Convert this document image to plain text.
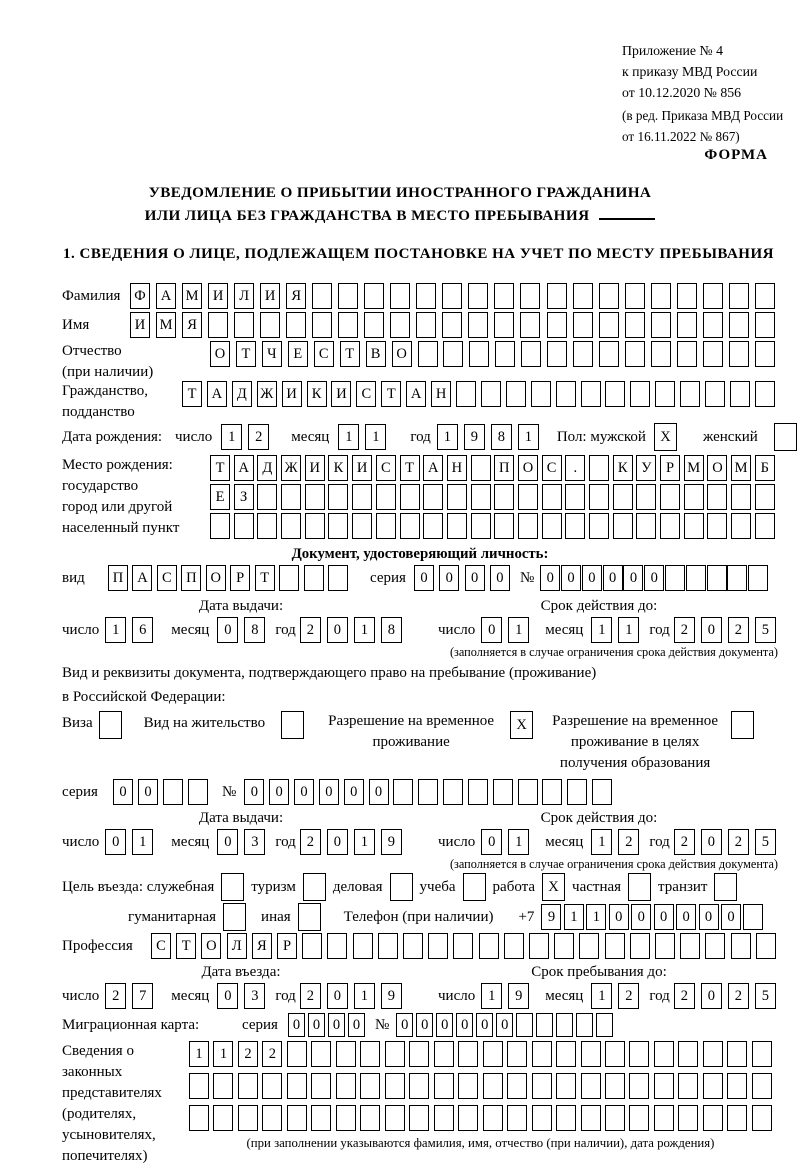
Приложение № 4
к приказу МВД России
от 10.12.2020 № 856
(в ред. Приказа МВД России
от 16.11.2022 № 867)
ФОРМА
УВЕДОМЛЕНИЕ О ПРИБЫТИИ ИНОСТРАННОГО ГРАЖДАНИНА
ИЛИ ЛИЦА БЕЗ ГРАЖДАНСТВА В МЕСТО ПРЕБЫВАНИЯ
1. СВЕДЕНИЯ О ЛИЦЕ, ПОДЛЕЖАЩЕМ ПОСТАНОВКЕ НА УЧЕТ ПО МЕСТУ ПРЕБЫВАНИЯ
Фамилия Ф	А М И	Л	И	Я
Имя	И М	Я
Отчество
(при наличии)
О	Т	Ч	Е	С	Т	В	О
Гражданство,
подданство
Т	А	Д Ж И	К	И	С	Т	А Н
Дата рождения: число	1	2	месяц	1	1	год 1	9	8	1	Пол: мужской X	женский
Место рождения:
государство
город или другой
населенный пункт
Т А Д Ж И К И С Т А Н	П О С	.	К У	Р М О М Б
Е	З
Документ, удостоверяющий личность:
вид	П А С П О	Р	Т	серия 0	0	0	0	№ 0 0 0 0 0 0
Дата выдачи:
число 1	6	месяц	0	8	год 2	0	1	8
Срок действия до:
число 0	1	месяц	1	1	год 2	0	2	5
(заполняется в случае ограничения срока действия документа)
Вид и реквизиты документа, подтверждающего право на пребывание (проживание)
в Российской Федерации:
Виза	Вид на жительство	Разрешение на временное
проживание
X	Разрешение на временное
проживание в целях
получения образования
серия	0	0	№ 0	0	0	0	0	0
Дата выдачи:
число 0	1	месяц	0	3	год 2	0	1	9
Срок действия до:
число 0	1	месяц	1	2	год 2	0	2	5
(заполняется в случае ограничения срока действия документа)
Цель въезда: служебная туризм деловая учеба работа X частная транзит
гуманитарная	иная	Телефон (при наличии) +7 9	1	1	0	0	0	0	0	0
Профессия	С	Т	О	Л	Я	Р
Дата въезда:
число 2	7	месяц	0	3	год 2	0	1	9
Срок пребывания до:
число 1	9	месяц	1	2	год 2	0	2	5
Миграционная карта:	серия	0 0 0 0 № 0 0 0 0 0 0
Сведения о
законных
представителях
(родителях,
усыновителях,
попечителях)
1	1	2	2
(при заполнении указываются фамилия, имя, отчество (при наличии), дата рождения)
